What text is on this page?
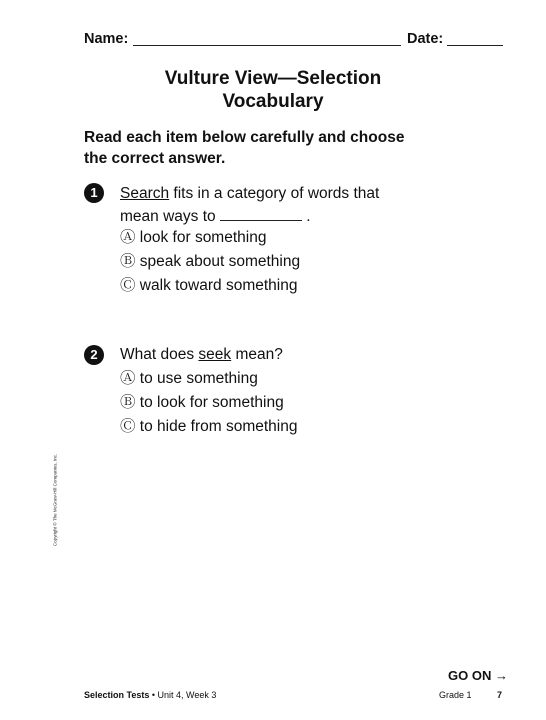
Name:	Date:
Vulture View—Selection
Vocabulary
Read each item below carefully and choose
the correct answer.
1	Search fits in a category of words that
mean ways to	.
Ⓐ look for something
Ⓑ speak about something
Ⓒ walk toward something
2	What does seek mean?
Ⓐ to use something
Ⓑ to look for something
Ⓒ to hide from something
Copyright © The McGraw-Hill Companies, Inc.
GO ON →
Selection Tests • Unit 4, Week 3	Grade 1	7
